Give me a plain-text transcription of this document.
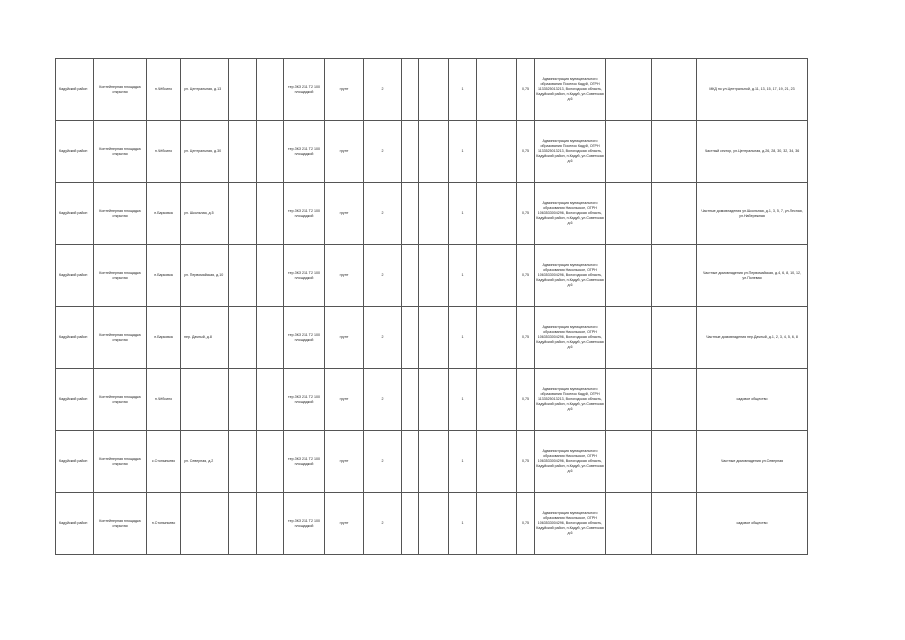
Кадуйский район	Контейнерная площадка открытая	п.Чёбсино	ул. Центральная, д.13			тер.ЗКЗ 211 Т2 100 площадкой	грунт	2			1		0,75	Администрация муниципального образования Поселок Кадуй, ОГРН 1133525013213, Вологодская область, Кадуйский район, п.Кадуй, ул.Советская д.6			МКД по ул.Центральной, д.11, 13, 15, 17, 19, 21, 23
Кадуйский район	Контейнерная площадка открытая	п.Чёбсино	ул. Центральная, д.30			тер.ЗКЗ 211 Т2 100 площадкой	грунт	2			1		0,75	Администрация муниципального образования Поселок Кадуй, ОГРН 1133525013213, Вологодская область, Кадуйский район, п.Кадуй, ул.Советская д.6			Частный сектор, ул.Центральная, д.26, 28, 30, 32, 34, 36
Кадуйский район	Контейнерная площадка открытая	п.Барковка	ул. Школьная, д.5			тер.ЗКЗ 211 Т2 100 площадкой	грунт	2			1		0,75	Администрация муниципального образования Никольское, ОГРН 1063533004296, Вологодская область, Кадуйский район, п.Кадуй, ул.Советская д.6			Частные домовладения ул.Школьная, д.1, 3, 5, 7, ул.Лесная, ул.Набережная
Кадуйский район	Контейнерная площадка открытая	п.Барковка	ул. Первомайская, д.10			тер.ЗКЗ 211 Т2 100 площадкой	грунт	2			1		0,75	Администрация муниципального образования Никольское, ОГРН 1063533004296, Вологодская область, Кадуйский район, п.Кадуй, ул.Советская д.6			Частные домовладения ул.Первомайская, д.4, 6, 8, 10, 12, ул.Полевая
Кадуйский район	Контейнерная площадка открытая	п.Барковка	пер. Дачный, д.8			тер.ЗКЗ 211 Т2 100 площадкой	грунт	2			1		0,75	Администрация муниципального образования Никольское, ОГРН 1063533004296, Вологодская область, Кадуйский район, п.Кадуй, ул.Советская д.6			Частные домовладения пер.Дачный, д.1, 2, 3, 4, 5, 6, 8
Кадуйский район	Контейнерная площадка открытая	п.Чёбсино				тер.ЗКЗ 211 Т2 100 площадкой	грунт	2			1		0,75	Администрация муниципального образования Поселок Кадуй, ОГРН 1133525013213, Вологодская область, Кадуйский район, п.Кадуй, ул.Советская д.6			садовое общество
Кадуйский район	Контейнерная площадка открытая	с.Стопыньево	ул. Северная, д.2			тер.ЗКЗ 211 Т2 100 площадкой	грунт	2			1		0,75	Администрация муниципального образования Никольское, ОГРН 1063533004296, Вологодская область, Кадуйский район, п.Кадуй, ул.Советская д.6			Частные домовладения ул.Северная
Кадуйский район	Контейнерная площадка открытая	п.Стопыньево				тер.ЗКЗ 211 Т2 100 площадкой	грунт	2			1		0,75	Администрация муниципального образования Никольское, ОГРН 1063533004296, Вологодская область, Кадуйский район, п.Кадуй, ул.Советская д.6			садовое общество
